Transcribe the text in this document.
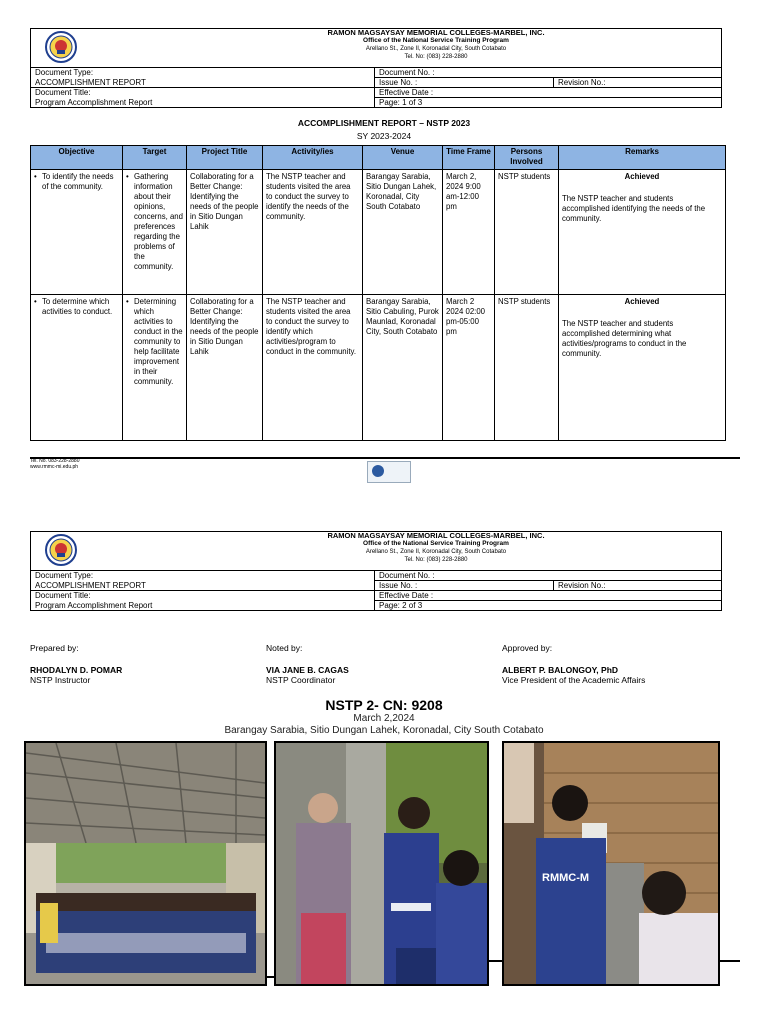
RAMON MAGSAYSAY MEMORIAL COLLEGES-MARBEL, INC.
Office of the National Service Training Program
Arellano St., Zone II, Koronadal City, South Cotabato
Tel. No: (083) 228-2880
Document Type:	Document No. :
ACCOMPLISHMENT REPORT	Issue No. :	Revision No.:
Document Title:	Effective Date :
Program Accomplishment Report	Page: 1 of 3
ACCOMPLISHMENT REPORT – NSTP 2023
SY 2023-2024
Objective	Target	Project Title	Activity/ies	Venue	Time Frame	Persons Involved	Remarks

• To identify the needs of the community.	• Gathering information about their opinions, concerns, and preferences regarding the problems of the community.	Collaborating for a Better Change: Identifying the needs of the people in Sitio Dungan Lahik	The NSTP teacher and students visited the area to conduct the survey to identify the needs of the community.	Barangay Sarabia, Sitio Dungan Lahek, Koronadal, City South Cotabato	March 2, 2024 9:00 am-12:00 pm	NSTP students	Achieved
The NSTP teacher and students accomplished identifying the needs of the community.

• To determine which activities to conduct.	• Determining which activities to conduct in the community to help facilitate improvement in their community.	Collaborating for a Better Change: Identifying the needs of the people in Sitio Dungan Lahik	The NSTP teacher and students visited the area to conduct the survey to identify which activities/program to conduct in the community.	Barangay Sarabia, Sitio Cabuling, Purok Maunlad, Koronadal City, South Cotabato	March 2 2024 02:00 pm-05:00 pm	NSTP students	Achieved
The NSTP teacher and students accomplished determining what activities/programs to conduct in the community.
Tel. No. 083-228-2880
www.rmmc-mi.edu.ph
RAMON MAGSAYSAY MEMORIAL COLLEGES-MARBEL, INC.
Office of the National Service Training Program
Arellano St., Zone II, Koronadal City, South Cotabato
Tel. No: (083) 228-2880
Document Type:	Document No. :
ACCOMPLISHMENT REPORT	Issue No. :	Revision No.:
Document Title:	Effective Date :
Program Accomplishment Report	Page: 2 of 3
Prepared by:
RHODALYN D. POMAR
NSTP Instructor
Noted by:
VIA JANE B. CAGAS
NSTP Coordinator
Approved by:
ALBERT P. BALONGOY, PhD
Vice President of the Academic Affairs
NSTP 2- CN: 9208
March 2,2024
Barangay Sarabia, Sitio Dungan Lahek, Koronadal, City South Cotabato
RMMC-M
